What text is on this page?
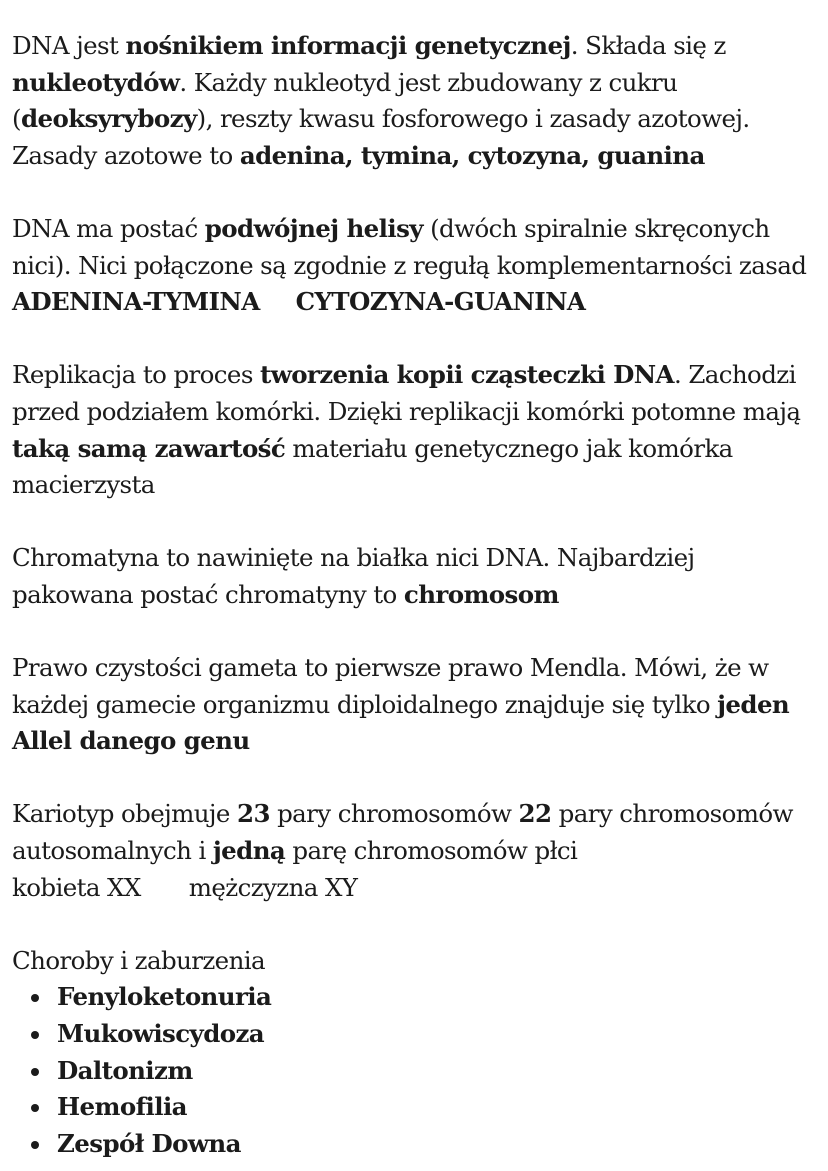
DNA jest nośnikiem informacji genetycznej. Składa się z
nukleotydów. Każdy nukleotyd jest zbudowany z cukru (deoksyrybozy), reszty kwasu fosforowego i zasady azotowej. Zasady azotowe to adenina, tymina, cytozyna, guanina

DNA ma postać podwójnej helisy (dwóch spiralnie skręconych nici). Nici połączone są zgodnie z regułą komplementarności zasad ADENINA-TYMINA CYTOZYNA-GUANINA

Replikacja to proces tworzenia kopii cząsteczki DNA. Zachodzi przed podziałem komórki. Dzięki replikacji komórki potomne mają taką samą zawartość materiału genetycznego jak komórka macierzysta

Chromatyna to nawinięte na białka nici DNA. Najbardziej pakowana postać chromatyny to chromosom

Prawo czystości gameta to pierwsze prawo Mendla. Mówi, że w każdej gamecie organizmu diploidalnego znajduje się tylko jeden Allel danego genu

Kariotyp obejmuje 23 pary chromosomów 22 pary chromosomów autosomalnych i jedną parę chromosomów płci
kobieta XX mężczyzna XY

Choroby i zaburzenia
Fenyloketonuria
Mukowiscydoza
Daltonizm
Hemofilia
Zespół Downa
